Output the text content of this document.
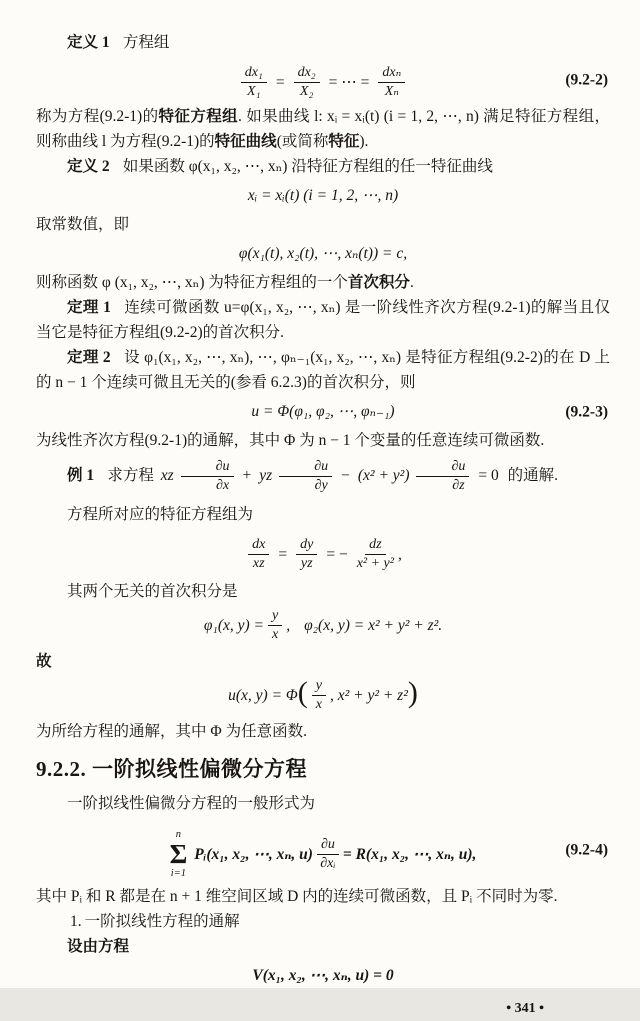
定义 1 方程组

$\frac{\text{dx₁}}{\text{X₁}} = \frac{\text{dx₂}}{\text{X₂}}$ = ⋯ = $\frac{\text{dxₙ}}{\text{Xₙ}}$	(9.2-2)

称为方程(9.2-1)的特征方程组. 如果曲线 l: xᵢ = xᵢ(t) (i = 1, 2, ⋯, n) 满足特征方程组，则称曲线 l 为方程(9.2-1)的特征曲线(或简称特征).

定义 2 如果函数 φ(x₁, x₂, ⋯, xₙ) 沿特征方程组的任一特征曲线

xᵢ = xᵢ(t) (i = 1, 2, ⋯, n)

取常数值，即

φ(x₁(t), x₂(t), ⋯, xₙ(t)) = c,

则称函数 φ (x₁, x₂, ⋯, xₙ) 为特征方程组的一个首次积分.

定理 1 连续可微函数 u=φ(x₁, x₂, ⋯, xₙ) 是一阶线性齐次方程(9.2-1)的解当且仅当它是特征方程组(9.2-2)的首次积分.

定理 2 设 φ₁(x₁, x₂, ⋯, xₙ), ⋯, φₙ₋₁(x₁, x₂, ⋯, xₙ) 是特征方程组(9.2-2)的在 D 上的 n − 1 个连续可微且无关的(参看 6.2.3)的首次积分，则

u = Φ(φ₁, φ₂, ⋯, φₙ₋₁)	(9.2-3)

为线性齐次方程(9.2-1)的通解，其中 Φ 为 n − 1 个变量的任意连续可微函数.

例 1 求方程 xz $\frac{\partial u}{\partial x}$ + yz $\frac{\partial u}{\partial y} - (x^2 + y^2) \frac{\partial u}{\partial z} = 0$ 的通解.

方程所对应的特征方程组为

$\frac{dx}{xz} = \frac{dy}{yz}$ = − $\frac{dz}{\text{x² + y²}}$ ,

其两个无关的首次积分是

φ₁(x, $y) = \frac{y}{x}$ , φ₂(x, y) = x² + y² + z².

故

u(x, y) = Φ ( $\frac{y}{x}$ , x² + y² + z² )

为所给方程的通解，其中 Φ 为任意函数.

9.2.2. 一阶拟线性偏微分方程

一阶拟线性偏微分方程的一般形式为

n
Σ
i=1
Pᵢ(x₁, x₂, ⋯, xₙ, $u) \frac{\partial u}{\text{∂xᵢ}} = R(x_1$, x₂, ⋯, xₙ, u),	(9.2-4)

其中 Pᵢ 和 R 都是在 n + 1 维空间区域 D 内的连续可微函数，且 Pᵢ 不同时为零.

1. 一阶拟线性方程的通解

设由方程

V(x₁, x₂, ⋯, xₙ, u) = 0
• 341 •
